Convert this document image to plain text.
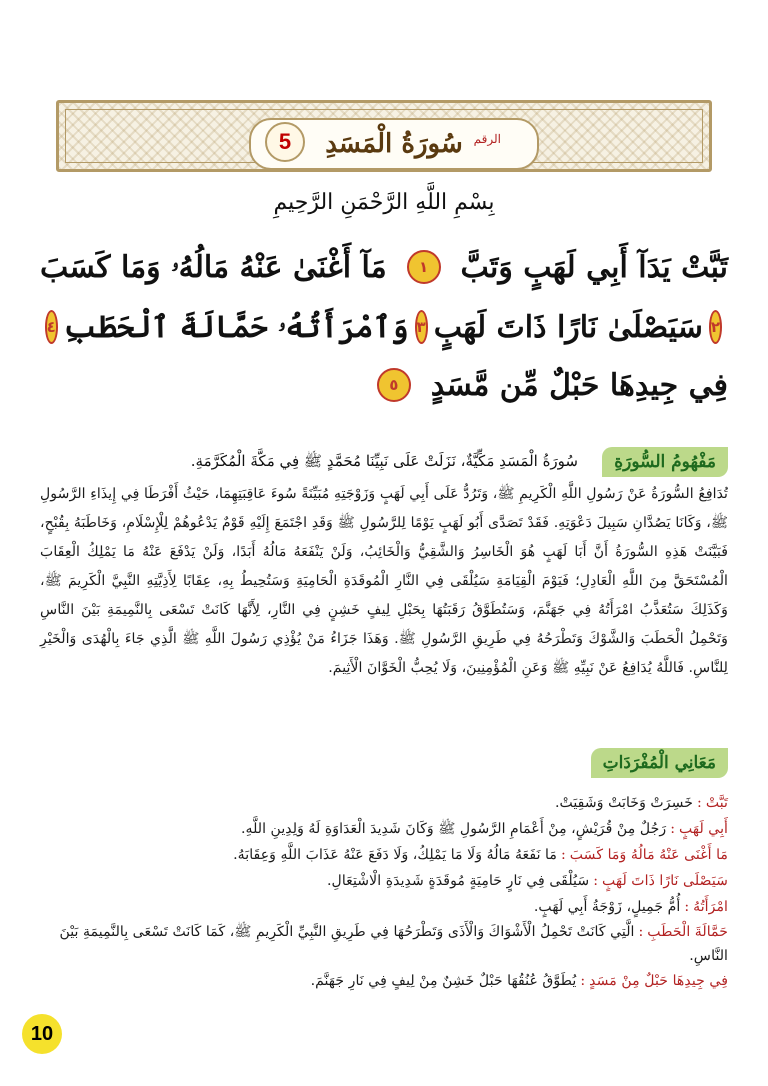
الرقم
سُورَةُ الْمَسَدِ
5
بِسْمِ اللَّهِ الرَّحْمَنِ الرَّحِيمِ
تَبَّتْ يَدَآ أَبِي لَهَبٍ وَتَبَّ
١
مَآ أَغْنَىٰ عَنْهُ مَالُهُۥ وَمَا كَسَبَ
٢
سَيَصْلَىٰ نَارًا ذَاتَ لَهَبٍ
٣
وَٱمْرَأَتُهُۥ حَمَّالَةَ ٱلْحَطَبِ
٤
فِي جِيدِهَا حَبْلٌ مِّن مَّسَدٍ
٥
مَفْهُومُ السُّورَةِ
سُورَةُ الْمَسَدِ مَكِّيَّةٌ، نَزَلَتْ عَلَى نَبِيِّنَا مُحَمَّدٍ ﷺ فِي مَكَّةَ الْمُكَرَّمَةِ.
تُدَافِعُ السُّورَةُ عَنْ رَسُولِ اللَّهِ الْكَرِيمِ ﷺ، وَتَرُدُّ عَلَى أَبِي لَهَبٍ وَزَوْجَتِهِ مُبَيِّنَةً سُوءَ عَاقِبَتِهِمَا، حَيْثُ أَفْرَطَا فِي إِيذَاءِ الرَّسُولِ ﷺ، وَكَانَا يَصُدَّانِ سَبِيلَ دَعْوَتِهِ. فَقَدْ تَصَدَّى أَبُو لَهَبٍ يَوْمًا لِلرَّسُولِ ﷺ وَقَدِ اجْتَمَعَ إِلَيْهِ قَوْمٌ يَدْعُوهُمْ لِلْإِسْلَامِ، وَخَاطَبَهُ بِقُبْحٍ، فَبَيَّنَتْ هَذِهِ السُّورَةُ أَنَّ أَبَا لَهَبٍ هُوَ الْخَاسِرُ وَالشَّقِيُّ وَالْخَائِبُ، وَلَنْ يَنْفَعَهُ مَالُهُ أَبَدًا، وَلَنْ يَدْفَعَ عَنْهُ مَا يَمْلِكُ الْعِقَابَ الْمُسْتَحَقَّ مِنَ اللَّهِ الْعَادِلِ؛ فَيَوْمَ الْقِيَامَةِ سَيُلْقَى فِي النَّارِ الْمُوقَدَةِ الْحَامِيَةِ وَسَتُحِيطُ بِهِ، عِقَابًا لِأَذِيَّتِهِ النَّبِيَّ الْكَرِيمَ ﷺ، وَكَذَلِكَ سَتُعَذَّبُ امْرَأَتُهُ فِي جَهَنَّمَ، وَسَتُطَوَّقُ رَقَبَتُهَا بِحَبْلِ لِيفٍ خَشِنٍ فِي النَّارِ، لِأَنَّهَا كَانَتْ تَسْعَى بِالنَّمِيمَةِ بَيْنَ النَّاسِ وَتَحْمِلُ الْحَطَبَ وَالشَّوْكَ وَتَطْرَحُهُ فِي طَرِيقِ الرَّسُولِ ﷺ. وَهَذَا جَزَاءُ مَنْ يُؤْذِي رَسُولَ اللَّهِ ﷺ الَّذِي جَاءَ بِالْهُدَى وَالْخَيْرِ لِلنَّاسِ. فَاللَّهُ يُدَافِعُ عَنْ نَبِيِّهِ ﷺ وَعَنِ الْمُؤْمِنِينَ، وَلَا يُحِبُّ الْخَوَّانَ الْأَثِيمَ.
مَعَانِي الْمُفْرَدَاتِ
تَبَّتْ:خَسِرَتْ وَخَابَتْ وَشَقِيَتْ.
أَبِي لَهَبٍ:رَجُلٌ مِنْ قُرَيْشٍ، مِنْ أَعْمَامِ الرَّسُولِ ﷺ وَكَانَ شَدِيدَ الْعَدَاوَةِ لَهُ وَلِدِينِ اللَّهِ.
مَا أَغْنَى عَنْهُ مَالُهُ وَمَا كَسَبَ:مَا نَفَعَهُ مَالُهُ وَلَا مَا يَمْلِكُ، وَلَا دَفَعَ عَنْهُ عَذَابَ اللَّهِ وَعِقَابَهُ.
سَيَصْلَى نَارًا ذَاتَ لَهَبٍ:سَيُلْقَى فِي نَارٍ حَامِيَةٍ مُوقَدَةٍ شَدِيدَةِ الْاشْتِعَالِ.
امْرَأَتُهُ:أُمُّ جَمِيلٍ، زَوْجَةُ أَبِي لَهَبٍ.
حَمَّالَةَ الْحَطَبِ:الَّتِي كَانَتْ تَحْمِلُ الْأَشْوَاكَ وَالْأَذَى وَتَطْرَحُهَا فِي طَرِيقِ النَّبِيِّ الْكَرِيمِ ﷺ، كَمَا كَانَتْ تَسْعَى بِالنَّمِيمَةِ بَيْنَ النَّاسِ.
فِي جِيدِهَا حَبْلٌ مِنْ مَسَدٍ:يُطَوَّقُ عُنُقُهَا حَبْلٌ خَشِنٌ مِنْ لِيفٍ فِي نَارِ جَهَنَّمَ.
10
